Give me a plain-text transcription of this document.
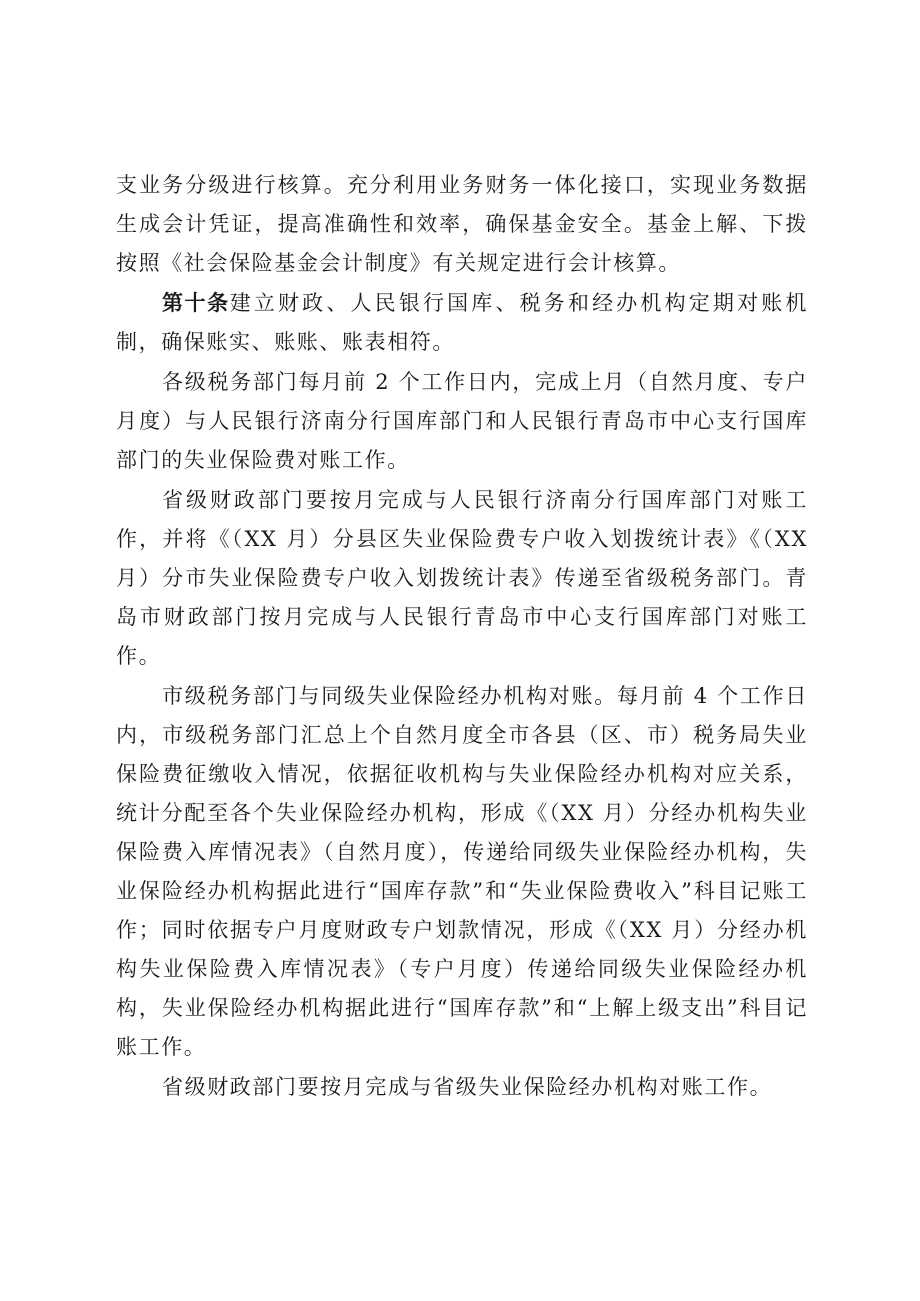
支业务分级进行核算。充分利用业务财务一体化接口，实现业务数据生成会计凭证，提高准确性和效率，确保基金安全。基金上解、下拨按照《社会保险基金会计制度》有关规定进行会计核算。

第十条建立财政、人民银行国库、税务和经办机构定期对账机制，确保账实、账账、账表相符。

各级税务部门每月前 2 个工作日内，完成上月（自然月度、专户月度）与人民银行济南分行国库部门和人民银行青岛市中心支行国库部门的失业保险费对账工作。

省级财政部门要按月完成与人民银行济南分行国库部门对账工作，并将《（XX 月）分县区失业保险费专户收入划拨统计表》《（XX 月）分市失业保险费专户收入划拨统计表》传递至省级税务部门。青岛市财政部门按月完成与人民银行青岛市中心支行国库部门对账工作。

市级税务部门与同级失业保险经办机构对账。每月前 4 个工作日内，市级税务部门汇总上个自然月度全市各县（区、市）税务局失业保险费征缴收入情况，依据征收机构与失业保险经办机构对应关系，统计分配至各个失业保险经办机构，形成《（XX 月）分经办机构失业保险费入库情况表》（自然月度），传递给同级失业保险经办机构，失业保险经办机构据此进行“国库存款”和“失业保险费收入”科目记账工作；同时依据专户月度财政专户划款情况，形成《（XX 月）分经办机构失业保险费入库情况表》（专户月度）传递给同级失业保险经办机构，失业保险经办机构据此进行“国库存款”和“上解上级支出”科目记账工作。

省级财政部门要按月完成与省级失业保险经办机构对账工作。
